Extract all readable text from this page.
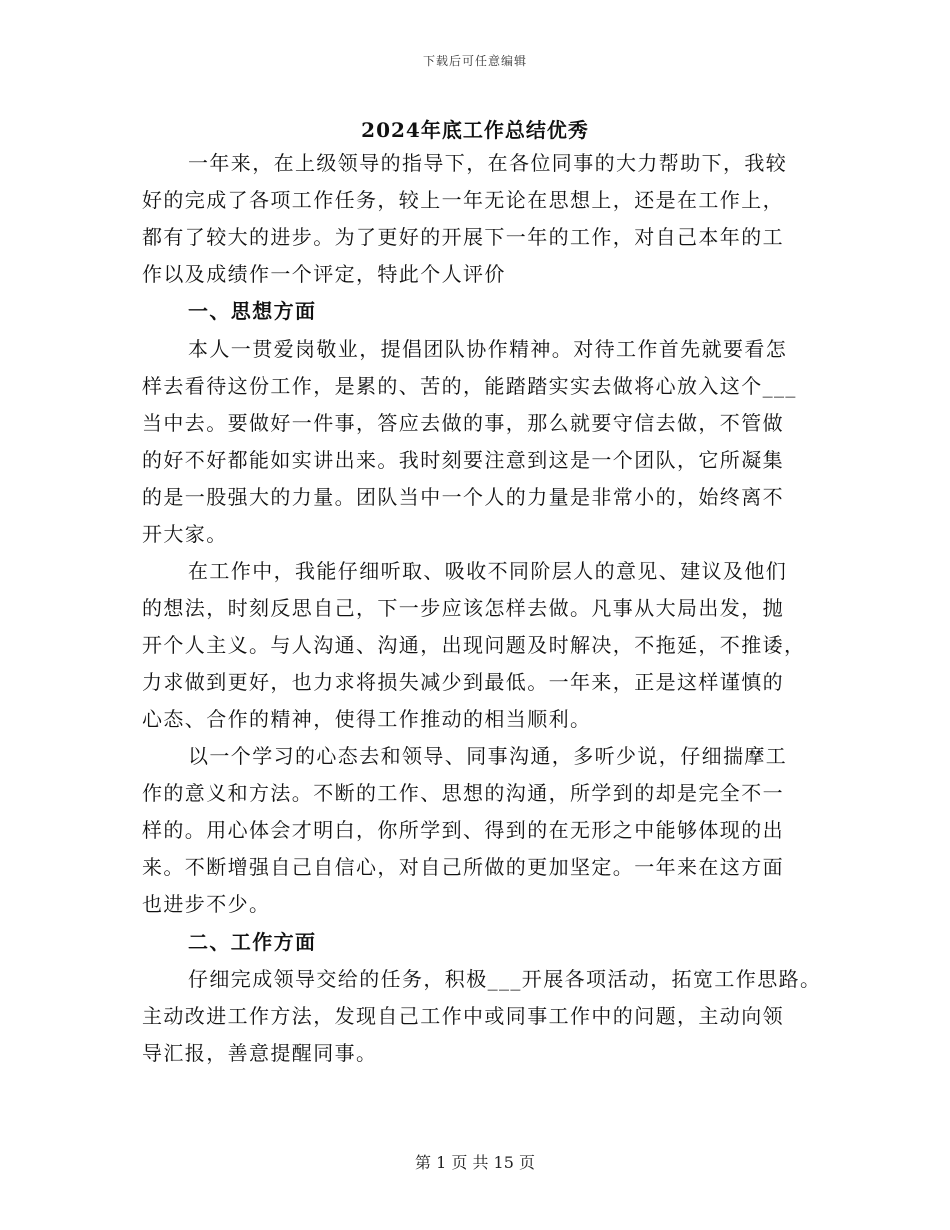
下载后可任意编辑
2024年底工作总结优秀
一年来，在上级领导的指导下，在各位同事的大力帮助下，我较
好的完成了各项工作任务，较上一年无论在思想上，还是在工作上，
都有了较大的进步。为了更好的开展下一年的工作，对自己本年的工
作以及成绩作一个评定，特此个人评价
一、思想方面
本人一贯爱岗敬业，提倡团队协作精神。对待工作首先就要看怎
样去看待这份工作，是累的、苦的，能踏踏实实去做将心放入这个___
当中去。要做好一件事，答应去做的事，那么就要守信去做，不管做
的好不好都能如实讲出来。我时刻要注意到这是一个团队，它所凝集
的是一股强大的力量。团队当中一个人的力量是非常小的，始终离不
开大家。
在工作中，我能仔细听取、吸收不同阶层人的意见、建议及他们
的想法，时刻反思自己，下一步应该怎样去做。凡事从大局出发，抛
开个人主义。与人沟通、沟通，出现问题及时解决，不拖延，不推诿，
力求做到更好，也力求将损失减少到最低。一年来，正是这样谨慎的
心态、合作的精神，使得工作推动的相当顺利。
以一个学习的心态去和领导、同事沟通，多听少说，仔细揣摩工
作的意义和方法。不断的工作、思想的沟通，所学到的却是完全不一
样的。用心体会才明白，你所学到、得到的在无形之中能够体现的出
来。不断增强自己自信心，对自己所做的更加坚定。一年来在这方面
也进步不少。
二、工作方面
仔细完成领导交给的任务，积极___开展各项活动，拓宽工作思路。
主动改进工作方法，发现自己工作中或同事工作中的问题，主动向领
导汇报，善意提醒同事。
第 1 页 共 15 页
